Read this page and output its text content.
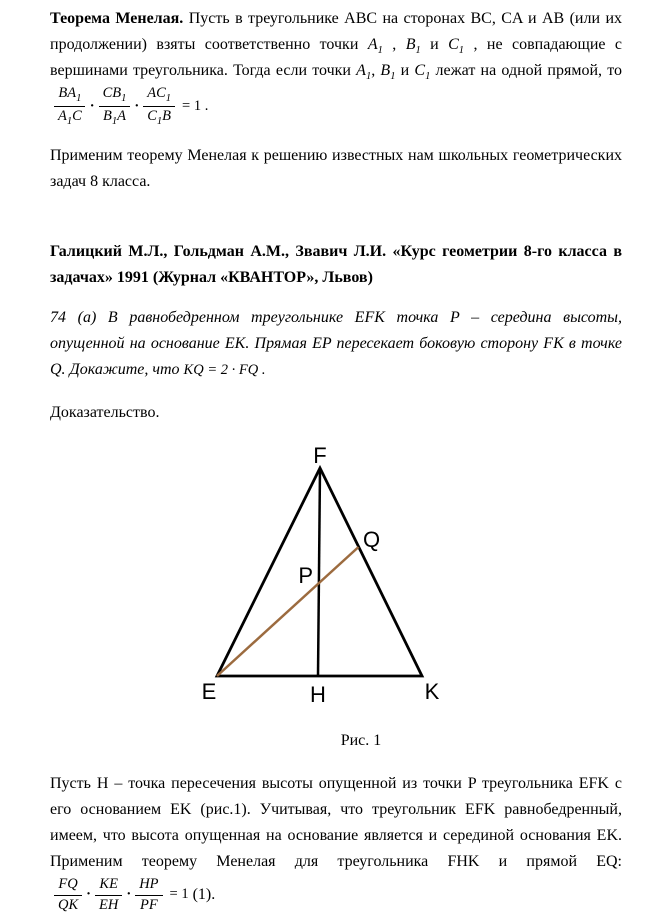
Теорема Менелая. Пусть в треугольнике ABC на сторонах BC, CA и AB (или их продолжении) взяты соответственно точки $A_1$ , $B_1$ и $C_1$ , не совпадающие с вершинами треугольника. Тогда если точки $A_1$, $B_1$ и $C_1$ лежат на одной прямой, то
$\frac{BA_1}{A_1C} \cdot \frac{CB_1}{B_1A} \cdot \frac{AC_1}{C_1B} = 1$ .

Применим теорему Менелая к решению известных нам школьных геометрических задач 8 класса.

Галицкий М.Л., Гольдман А.М., Звавич Л.И. «Курс геометрии 8-го класса в задачах» 1991 (Журнал «КВАНТОР», Львов)

74 (а) В равнобедренном треугольнике EFK точка P – середина высоты, опущенной на основание EK. Прямая EP пересекает боковую сторону FK в точке Q. Докажите, что KQ = 2 · FQ .

Доказательство.

F
Q
P
E	H	K
Рис. 1

Пусть H – точка пересечения высоты опущенной из точки P треугольника EFK с его основанием EK (рис.1). Учитывая, что треугольник EFK равнобедренный, имеем, что высота опущенная на основание является и серединой основания EK. Применим теорему Менелая для треугольника FHK и прямой EQ:
$\frac{FQ}{QK} \cdot \frac{KE}{EH} \cdot \frac{HP}{PF} = 1$ (1).
